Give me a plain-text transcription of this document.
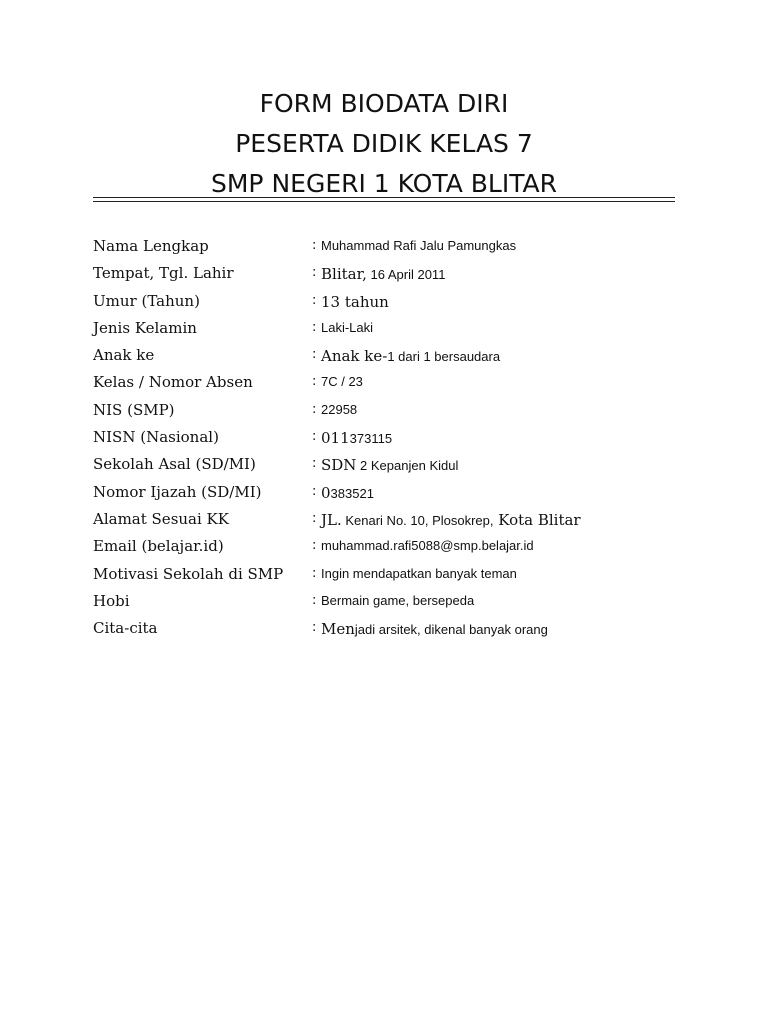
FORM BIODATA DIRI
PESERTA DIDIK KELAS 7
SMP NEGERI 1 KOTA BLITAR
Nama Lengkap	: Muhammad Rafi Jalu Pamungkas
Tempat, Tgl. Lahir	: Blitar, 16 April 2011
Umur (Tahun)	: 13 tahun
Jenis Kelamin	: Laki-Laki
Anak ke	: Anak ke-1 dari 1 bersaudara
Kelas / Nomor Absen	: 7C / 23
NIS (SMP)	: 22958
NISN (Nasional)	: 011373115
Sekolah Asal (SD/MI)	: SDN 2 Kepanjen Kidul
Nomor Ijazah (SD/MI)	: 0383521
Alamat Sesuai KK	: JL. Kenari No. 10, Plosokrep, Kota Blitar
Email (belajar.id)	: muhammad.rafi5088@smp.belajar.id
Motivasi Sekolah di SMP : Ingin mendapatkan banyak teman
Hobi	: Bermain game, bersepeda
Cita-cita	: Menjadi arsitek, dikenal banyak orang
